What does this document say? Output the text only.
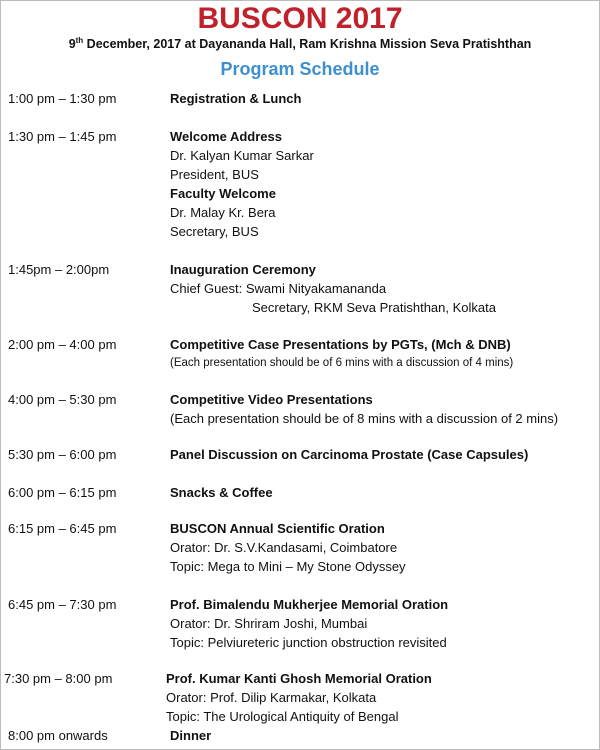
BUSCON 2017
9th December, 2017 at Dayananda Hall, Ram Krishna Mission Seva Pratishthan
Program Schedule
1:00 pm – 1:30 pm	Registration & Lunch
1:30 pm – 1:45 pm	Welcome Address
Dr. Kalyan Kumar Sarkar
President, BUS
Faculty Welcome
Dr. Malay Kr. Bera
Secretary, BUS
1:45pm – 2:00pm	Inauguration Ceremony
Chief Guest: Swami Nityakamananda
Secretary, RKM Seva Pratishthan, Kolkata
2:00 pm – 4:00 pm	Competitive Case Presentations by PGTs, (Mch & DNB)
(Each presentation should be of 6 mins with a discussion of 4 mins)
4:00 pm – 5:30 pm	Competitive Video Presentations
(Each presentation should be of 8 mins with a discussion of 2 mins)
5:30 pm – 6:00 pm	Panel Discussion on Carcinoma Prostate (Case Capsules)
6:00 pm – 6:15 pm	Snacks & Coffee
6:15 pm – 6:45 pm	BUSCON Annual Scientific Oration
Orator: Dr. S.V.Kandasami, Coimbatore
Topic: Mega to Mini – My Stone Odyssey
6:45 pm – 7:30 pm	Prof. Bimalendu Mukherjee Memorial Oration
Orator: Dr. Shriram Joshi, Mumbai
Topic: Pelviureteric junction obstruction revisited
7:30 pm – 8:00 pm	Prof. Kumar Kanti Ghosh Memorial Oration
Orator: Prof. Dilip Karmakar, Kolkata
Topic: The Urological Antiquity of Bengal
8:00 pm onwards	Dinner
